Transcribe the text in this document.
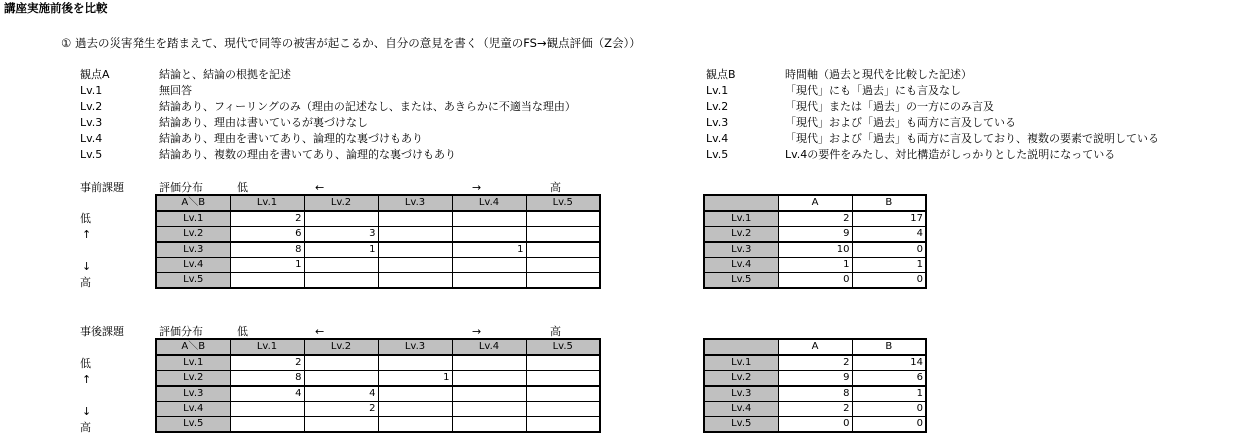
講座実施前後を比較
① 過去の災害発生を踏まえて、現代で同等の被害が起こるか、自分の意見を書く（児童のFS→観点評価（Z会））
観点A	結論と、結論の根拠を記述
Lv.1	無回答
Lv.2	結論あり、フィーリングのみ（理由の記述なし、または、あきらかに不適当な理由）
Lv.3	結論あり、理由は書いているが裏づけなし
Lv.4	結論あり、理由を書いてあり、論理的な裏づけもあり
Lv.5	結論あり、複数の理由を書いてあり、論理的な裏づけもあり
観点B	時間軸（過去と現代を比較した記述）
Lv.1	「現代」にも「過去」にも言及なし
Lv.2	「現代」または「過去」の一方にのみ言及
Lv.3	「現代」および「過去」も両方に言及している
Lv.4	「現代」および「過去」も両方に言及しており、複数の要素で説明している
Lv.5	Lv.4の要件をみたし、対比構造がしっかりとした説明になっている
事前課題	評価分布	低	←	→	高
低
↑
↓
高
A＼B	Lv.1	Lv.2	Lv.3	Lv.4	Lv.5
Lv.1	2				
Lv.2	6	3			
Lv.3	8	1		1	
Lv.4	1				
Lv.5					
	A	B
Lv.1	2	17
Lv.2	9	4
Lv.3	10	0
Lv.4	1	1
Lv.5	0	0
事後課題	評価分布	低	←	→	高
低
↑
↓
高
A＼B	Lv.1	Lv.2	Lv.3	Lv.4	Lv.5
Lv.1	2				
Lv.2	8		1		
Lv.3	4	4			
Lv.4		2			
Lv.5					
	A	B
Lv.1	2	14
Lv.2	9	6
Lv.3	8	1
Lv.4	2	0
Lv.5	0	0
